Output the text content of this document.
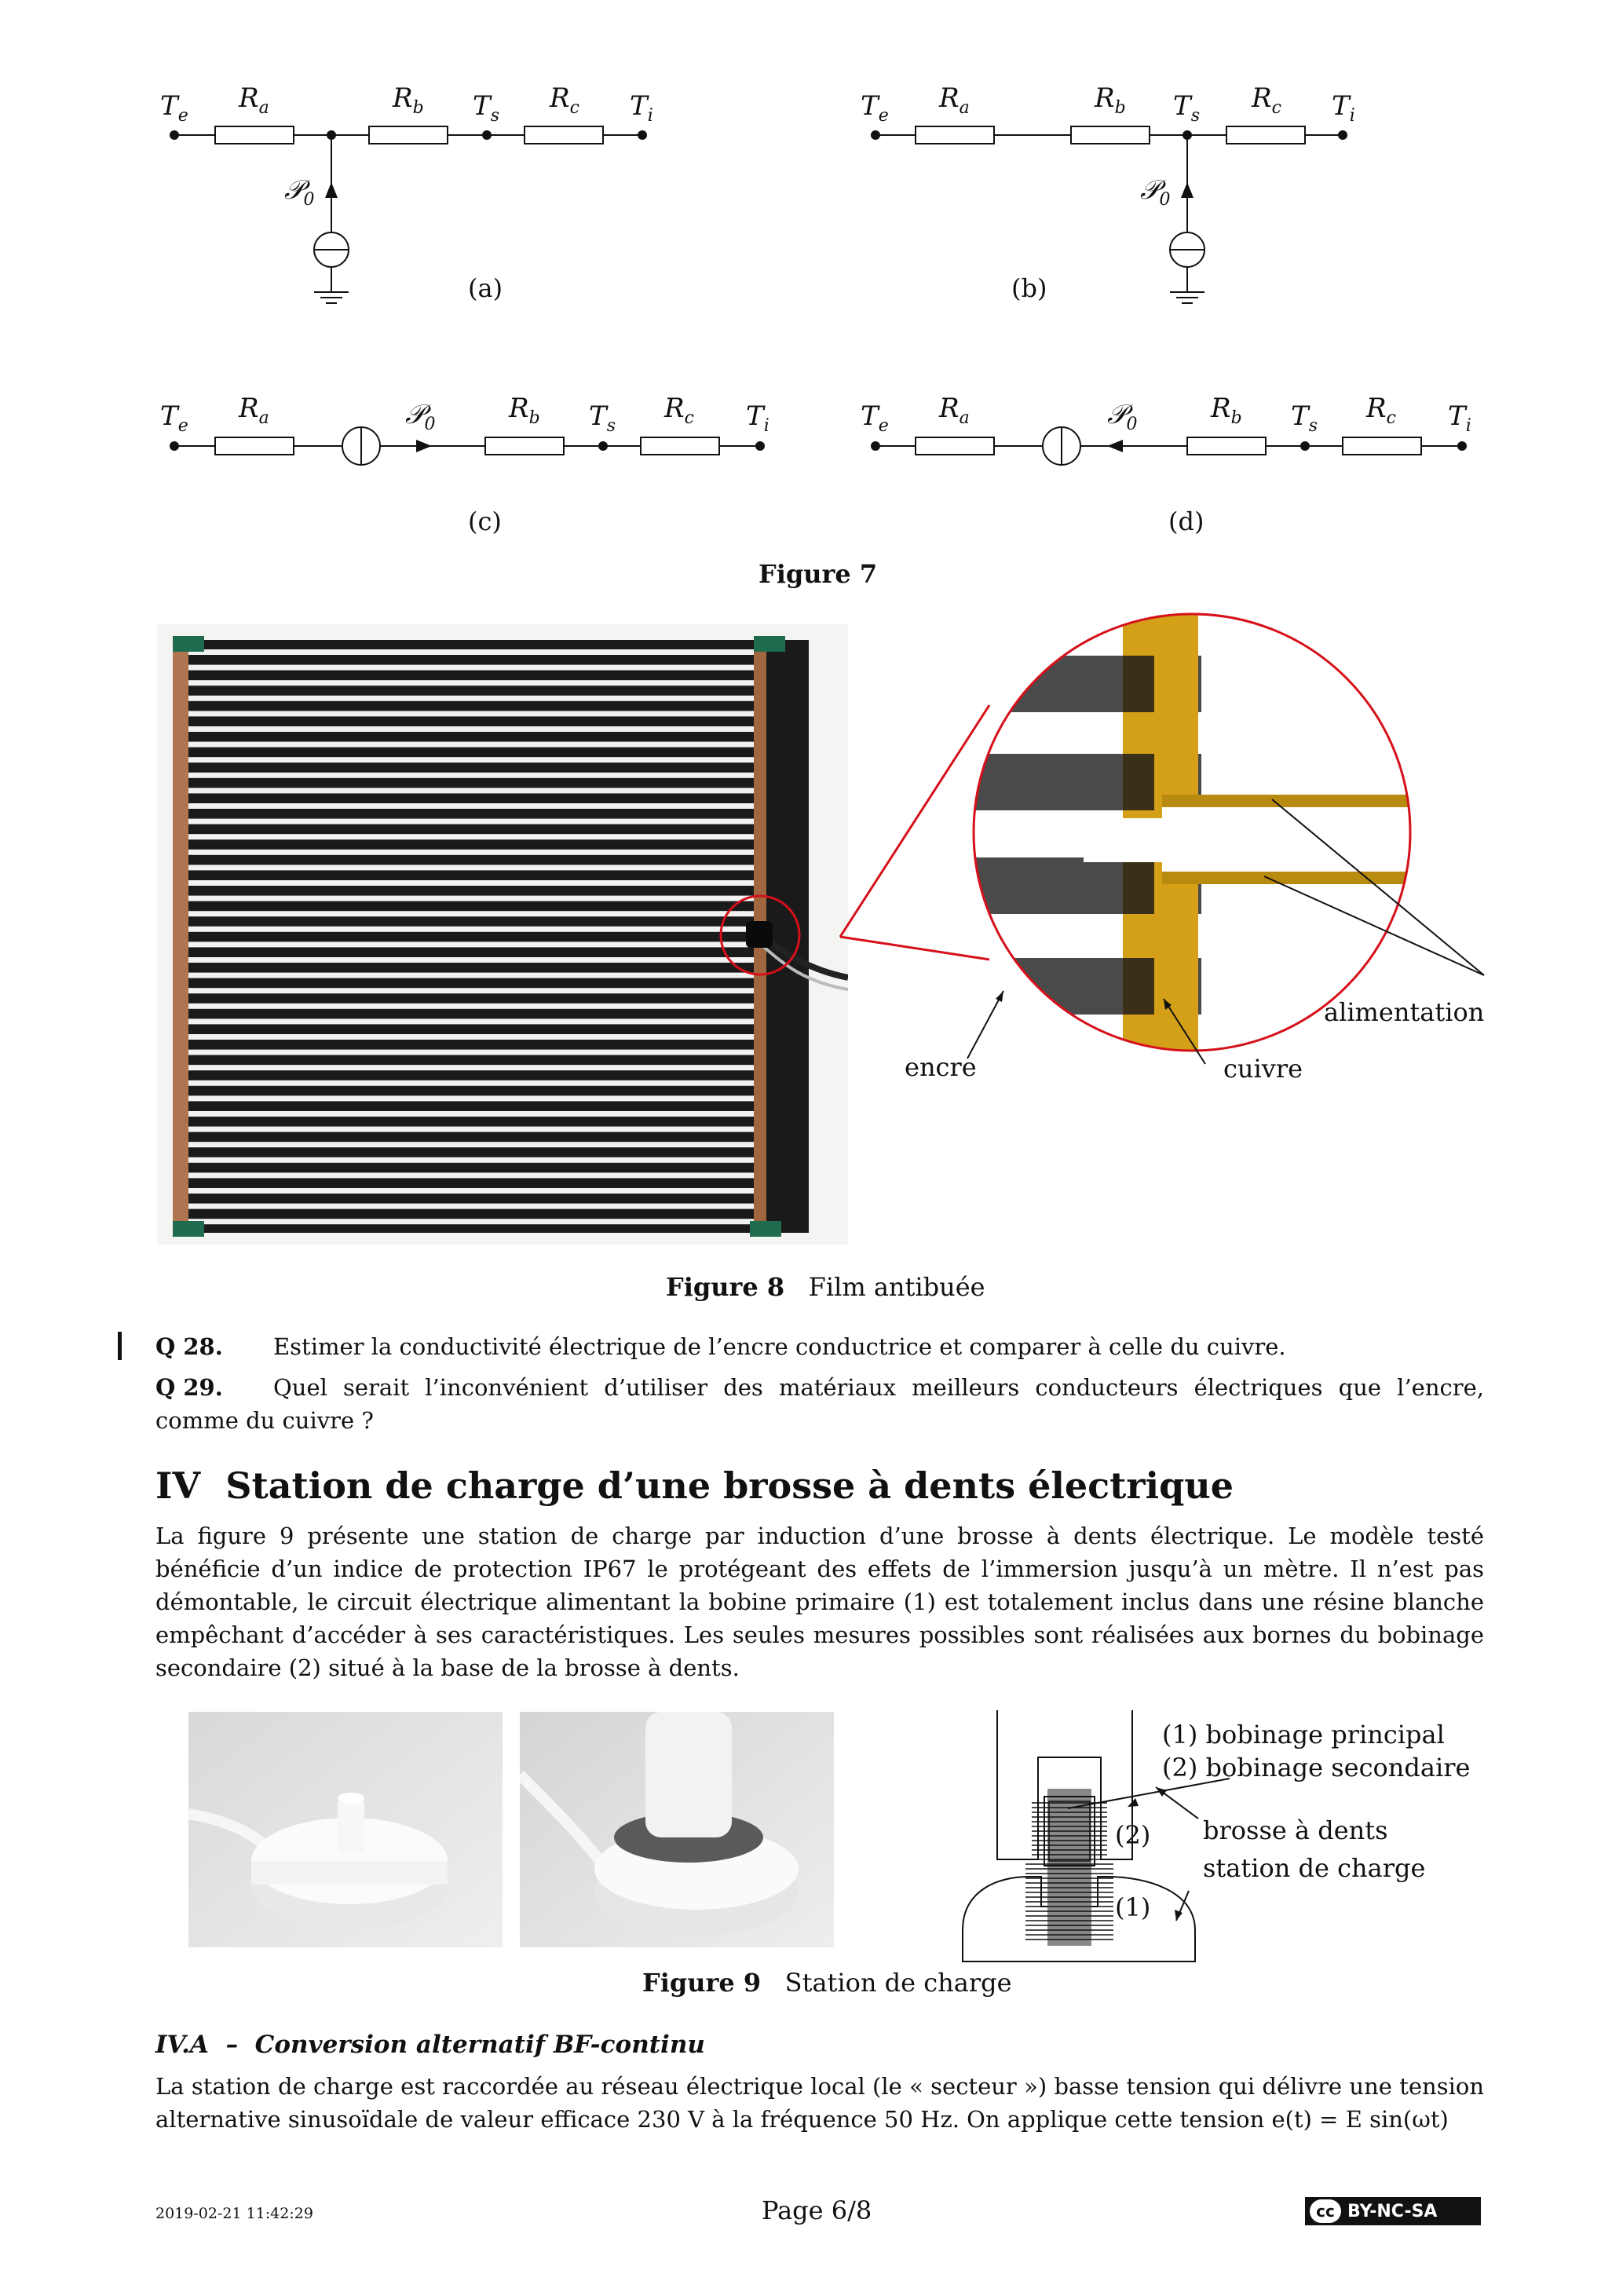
$T_e$
$R_a$	$R_b$ $T_s$
$R_c$ $T_i$
𝒫$_0$
(a)
$T_e$
$R_a$	$R_b$ $T_s$
$R_c$ $T_i$
𝒫$_0$
(b)
$T_e$
$R_a$	𝒫$_0$
$R_b$ $T_s$
$R_c$ $T_i$
(c)
$T_e$
$R_a$	𝒫$_0$
$R_b$ $T_s$
$R_c$ $T_i$
(d)
Figure 7
encre	cuivre
alimentation
Figure 8 Film antibuée
Q 28. Estimer la conductivité électrique de l’encre conductrice et comparer à celle du cuivre.
Q 29. Quel serait l’inconvénient d’utiliser des matériaux meilleurs conducteurs électriques que l’encre, comme du cuivre ?
IV Station de charge d’une brosse à dents électrique
La figure 9 présente une station de charge par induction d’une brosse à dents électrique. Le modèle testé bénéficie d’un indice de protection IP67 le protégeant des effets de l’immersion jusqu’à un mètre. Il n’est pas démontable, le circuit électrique alimentant la bobine primaire (1) est totalement inclus dans une résine blanche empêchant d’accéder à ses caractéristiques. Les seules mesures possibles sont réalisées aux bornes du bobinage secondaire (2) situé à la base de la brosse à dents.
(1) bobinage principal
(2) bobinage secondaire
brosse à dents
station de charge
(2)
(1)
Figure 9 Station de charge
IV.A – Conversion alternatif BF-continu
La station de charge est raccordée au réseau électrique local (le « secteur ») basse tension qui délivre une tension alternative sinusoïdale de valeur efficace 230 V à la fréquence 50 Hz. On applique cette tension e(t) = E sin(ωt)
2019-02-21 11:42:29	Page 6/8	cc BY-NC-SA
